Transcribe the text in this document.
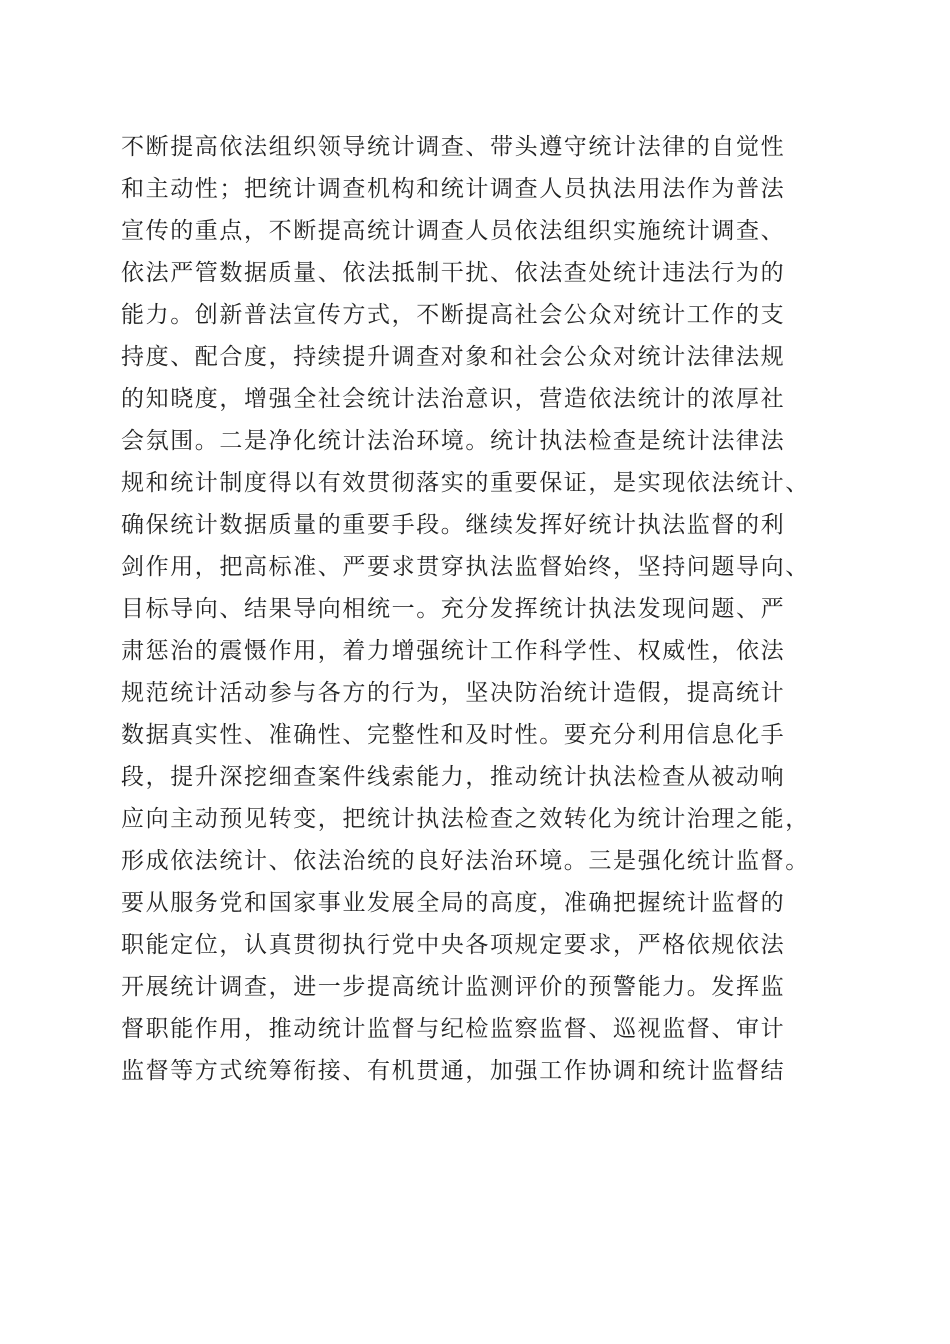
不断提高依法组织领导统计调查、带头遵守统计法律的自觉性
和主动性；把统计调查机构和统计调查人员执法用法作为普法
宣传的重点，不断提高统计调查人员依法组织实施统计调查、
依法严管数据质量、依法抵制干扰、依法查处统计违法行为的
能力。创新普法宣传方式，不断提高社会公众对统计工作的支
持度、配合度，持续提升调查对象和社会公众对统计法律法规
的知晓度，增强全社会统计法治意识，营造依法统计的浓厚社
会氛围。二是净化统计法治环境。统计执法检查是统计法律法
规和统计制度得以有效贯彻落实的重要保证，是实现依法统计、
确保统计数据质量的重要手段。继续发挥好统计执法监督的利
剑作用，把高标准、严要求贯穿执法监督始终，坚持问题导向、
目标导向、结果导向相统一。充分发挥统计执法发现问题、严
肃惩治的震慑作用，着力增强统计工作科学性、权威性，依法
规范统计活动参与各方的行为，坚决防治统计造假，提高统计
数据真实性、准确性、完整性和及时性。要充分利用信息化手
段，提升深挖细查案件线索能力，推动统计执法检查从被动响
应向主动预见转变，把统计执法检查之效转化为统计治理之能，
形成依法统计、依法治统的良好法治环境。三是强化统计监督。
要从服务党和国家事业发展全局的高度，准确把握统计监督的
职能定位，认真贯彻执行党中央各项规定要求，严格依规依法
开展统计调查，进一步提高统计监测评价的预警能力。发挥监
督职能作用，推动统计监督与纪检监察监督、巡视监督、审计
监督等方式统筹衔接、有机贯通，加强工作协调和统计监督结
